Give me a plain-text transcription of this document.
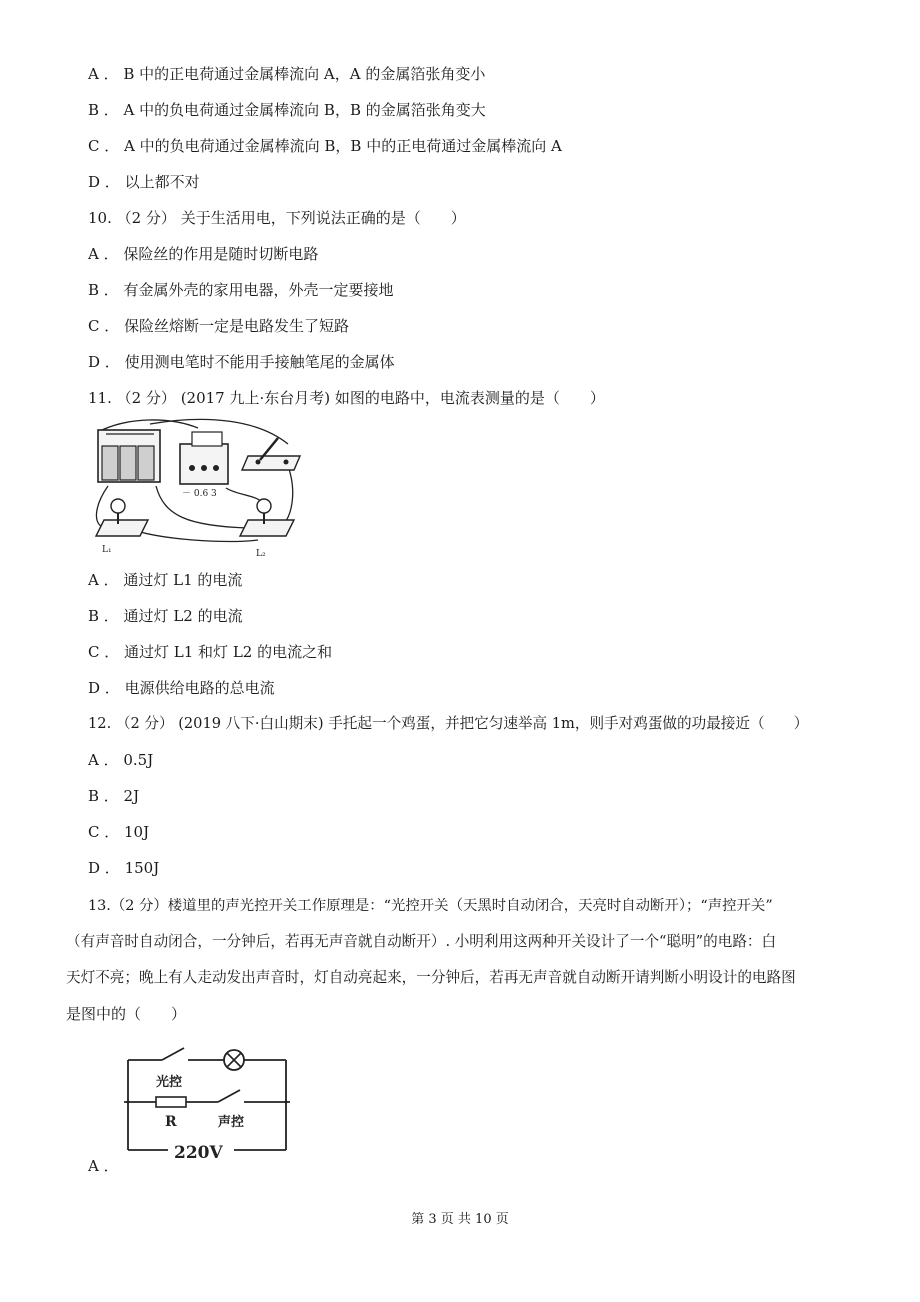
A ． B 中的正电荷通过金属棒流向 A，A 的金属箔张角变小
B ． A 中的负电荷通过金属棒流向 B，B 的金属箔张角变大
C ． A 中的负电荷通过金属棒流向 B，B 中的正电荷通过金属棒流向 A
D ． 以上都不对
10. （2 分） 关于生活用电，下列说法正确的是（　　）
A ． 保险丝的作用是随时切断电路
B ． 有金属外壳的家用电器，外壳一定要接地
C ． 保险丝熔断一定是电路发生了短路
D ． 使用测电笔时不能用手接触笔尾的金属体
11. （2 分） (2017 九上·东台月考) 如图的电路中，电流表测量的是（　　）
－ 0.6 3
L₁	L₂
A ． 通过灯 L1 的电流
B ． 通过灯 L2 的电流
C ． 通过灯 L1 和灯 L2 的电流之和
D ． 电源供给电路的总电流
12. （2 分） (2019 八下·白山期末) 手托起一个鸡蛋，并把它匀速举高 1m，则手对鸡蛋做的功最接近（　　）
A ． 0.5J
B ． 2J
C ． 10J
D ． 150J
13.（2 分）楼道里的声光控开关工作原理是：“光控开关（天黑时自动闭合，天亮时自动断开）；“声控开关”
（有声音时自动闭合，一分钟后，若再无声音就自动断开）. 小明利用这两种开关设计了一个“聪明”的电路：白
天灯不亮；晚上有人走动发出声音时，灯自动亮起来，一分钟后，若再无声音就自动断开请判断小明设计的电路图
是图中的（　　）
光控
R	声控
220V
A ．
第 3 页 共 10 页
